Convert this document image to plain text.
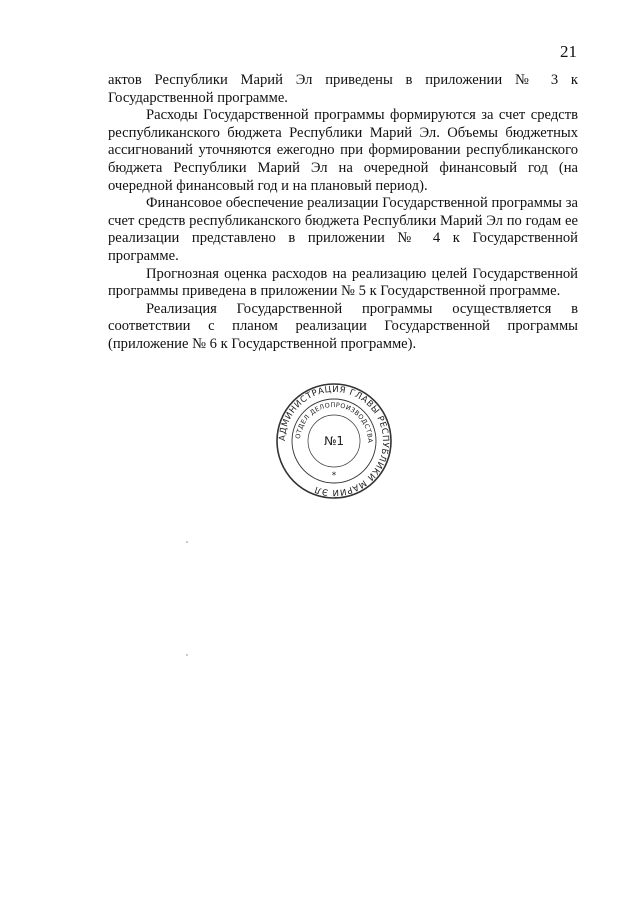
21

актов Республики Марий Эл приведены в приложении № 3 к Государственной программе.

Расходы Государственной программы формируются за счет средств республиканского бюджета Республики Марий Эл. Объемы бюджетных ассигнований уточняются ежегодно при формировании республиканского бюджета Республики Марий Эл на очередной финансовый год (на очередной финансовый год и на плановый период).

Финансовое обеспечение реализации Государственной программы за счет средств республиканского бюджета Республики Марий Эл по годам ее реализации представлено в приложении № 4 к Государственной программе.

Прогнозная оценка расходов на реализацию целей Государственной программы приведена в приложении № 5 к Государственной программе.

Реализация Государственной программы осуществляется в соответствии с планом реализации Государственной программы (приложение № 6 к Государственной программе).

АДМИНИСТРАЦИЯ ГЛАВЫ РЕСПУБЛИКИ МАРИЙ ЭЛ
ОТДЕЛ ДЕЛОПРОИЗВОДСТВА
№1
*
